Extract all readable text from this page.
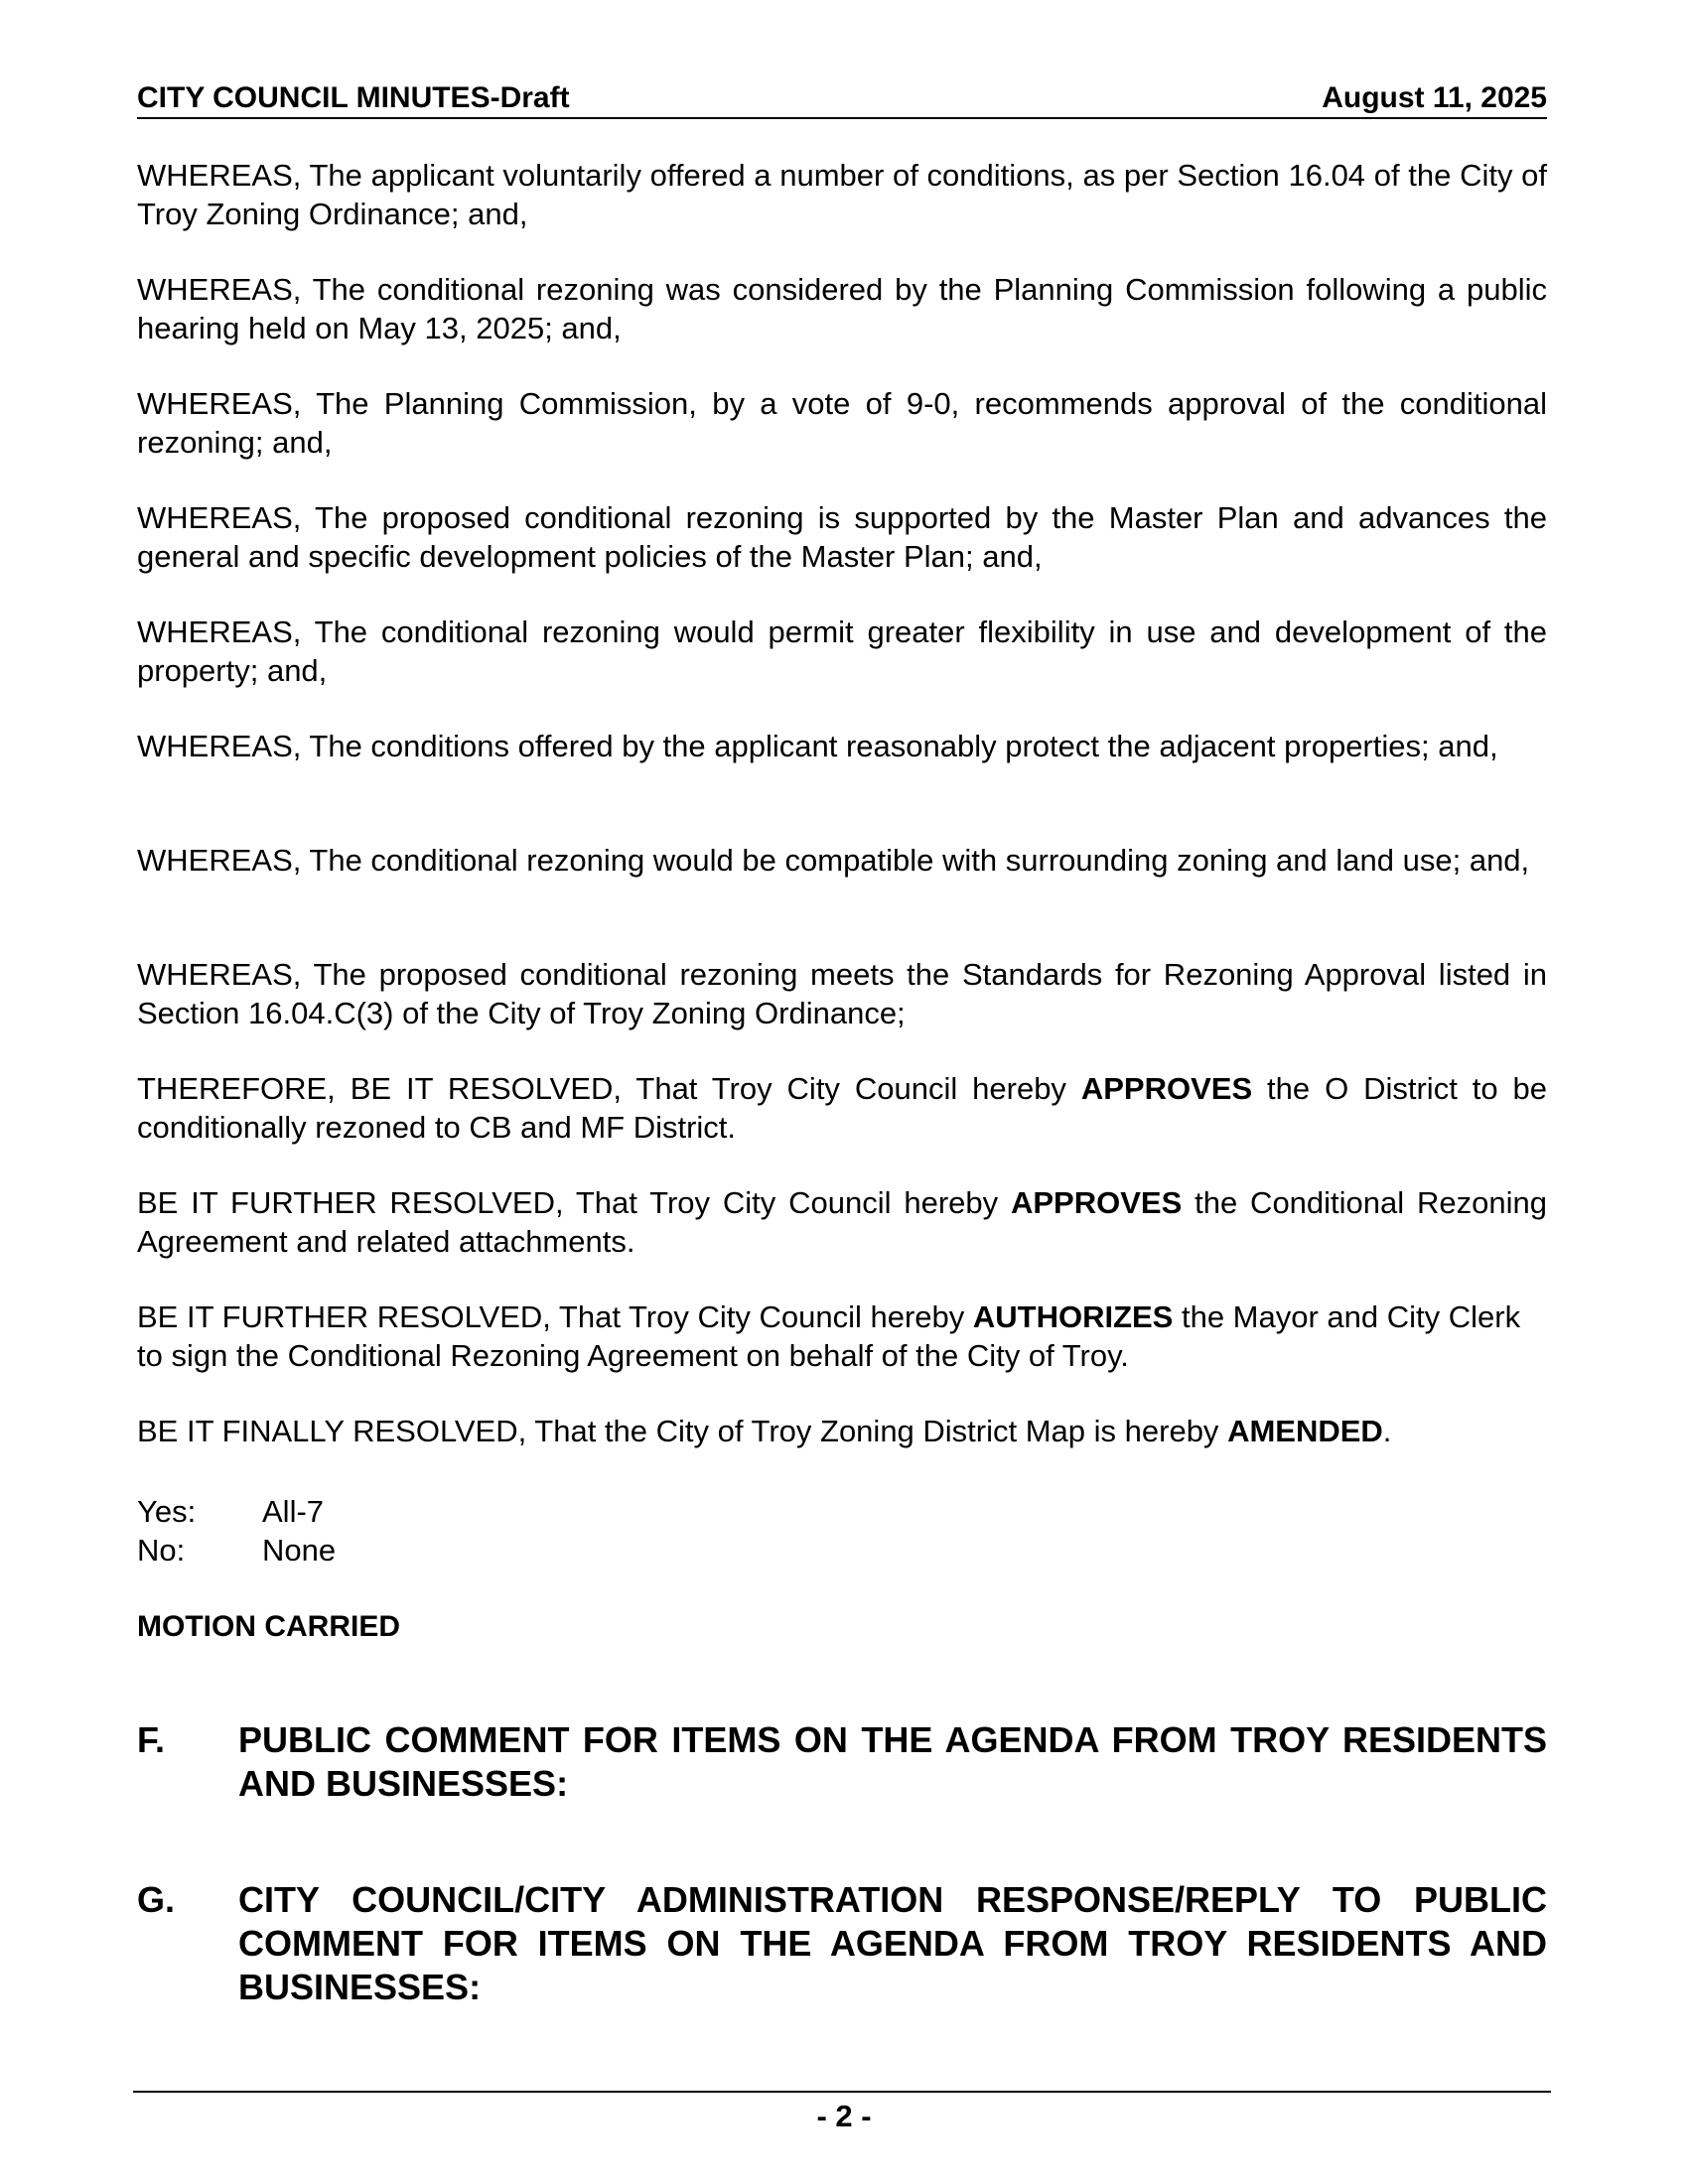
CITY COUNCIL MINUTES-Draft	August 11, 2025

WHEREAS, The applicant voluntarily offered a number of conditions, as per Section 16.04 of the City of Troy Zoning Ordinance; and,

WHEREAS, The conditional rezoning was considered by the Planning Commission following a public hearing held on May 13, 2025; and,

WHEREAS, The Planning Commission, by a vote of 9-0, recommends approval of the conditional rezoning; and,

WHEREAS, The proposed conditional rezoning is supported by the Master Plan and advances the general and specific development policies of the Master Plan; and,

WHEREAS, The conditional rezoning would permit greater flexibility in use and development of the property; and,

WHEREAS, The conditions offered by the applicant reasonably protect the adjacent properties; and,

WHEREAS, The conditional rezoning would be compatible with surrounding zoning and land use; and,

WHEREAS, The proposed conditional rezoning meets the Standards for Rezoning Approval listed in Section 16.04.C(3) of the City of Troy Zoning Ordinance;

THEREFORE, BE IT RESOLVED, That Troy City Council hereby APPROVES the O District to be conditionally rezoned to CB and MF District.

BE IT FURTHER RESOLVED, That Troy City Council hereby APPROVES the Conditional Rezoning Agreement and related attachments.

BE IT FURTHER RESOLVED, That Troy City Council hereby AUTHORIZES the Mayor and City Clerk to sign the Conditional Rezoning Agreement on behalf of the City of Troy.

BE IT FINALLY RESOLVED, That the City of Troy Zoning District Map is hereby AMENDED.

Yes:	All-7
No:	None
MOTION CARRIED
F.	PUBLIC COMMENT FOR ITEMS ON THE AGENDA FROM TROY RESIDENTS AND BUSINESSES:
G.	CITY COUNCIL/CITY ADMINISTRATION RESPONSE/REPLY TO PUBLIC COMMENT FOR ITEMS ON THE AGENDA FROM TROY RESIDENTS AND BUSINESSES:
- 2 -
